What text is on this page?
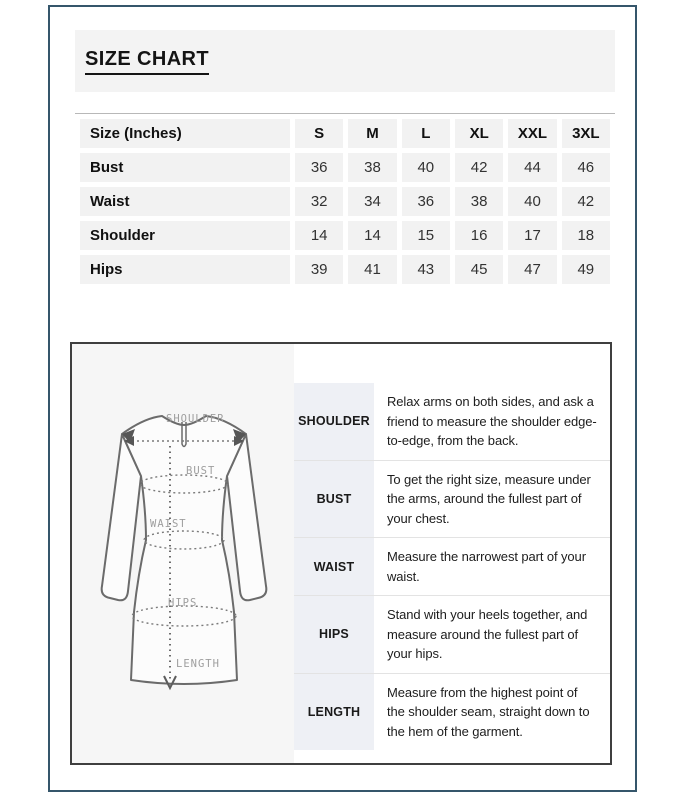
SIZE CHART
Size (Inches)	S	M	L	XL	XXL	3XL
Bust	36	38	40	42	44	46
Waist	32	34	36	38	40	42
Shoulder	14	14	15	16	17	18
Hips	39	41	43	45	47	49
SHOULDER
BUST
WAIST
HIPS
LENGTH
SHOULDER
Relax arms on both sides, and ask a friend to measure the shoulder edge-to-edge, from the back.
BUST
To get the right size, measure under the arms, around the fullest part of your chest.
WAIST
Measure the narrowest part of your waist.
HIPS
Stand with your heels together, and measure around the fullest part of your hips.
LENGTH
Measure from the highest point of the shoulder seam, straight down to the hem of the garment.
